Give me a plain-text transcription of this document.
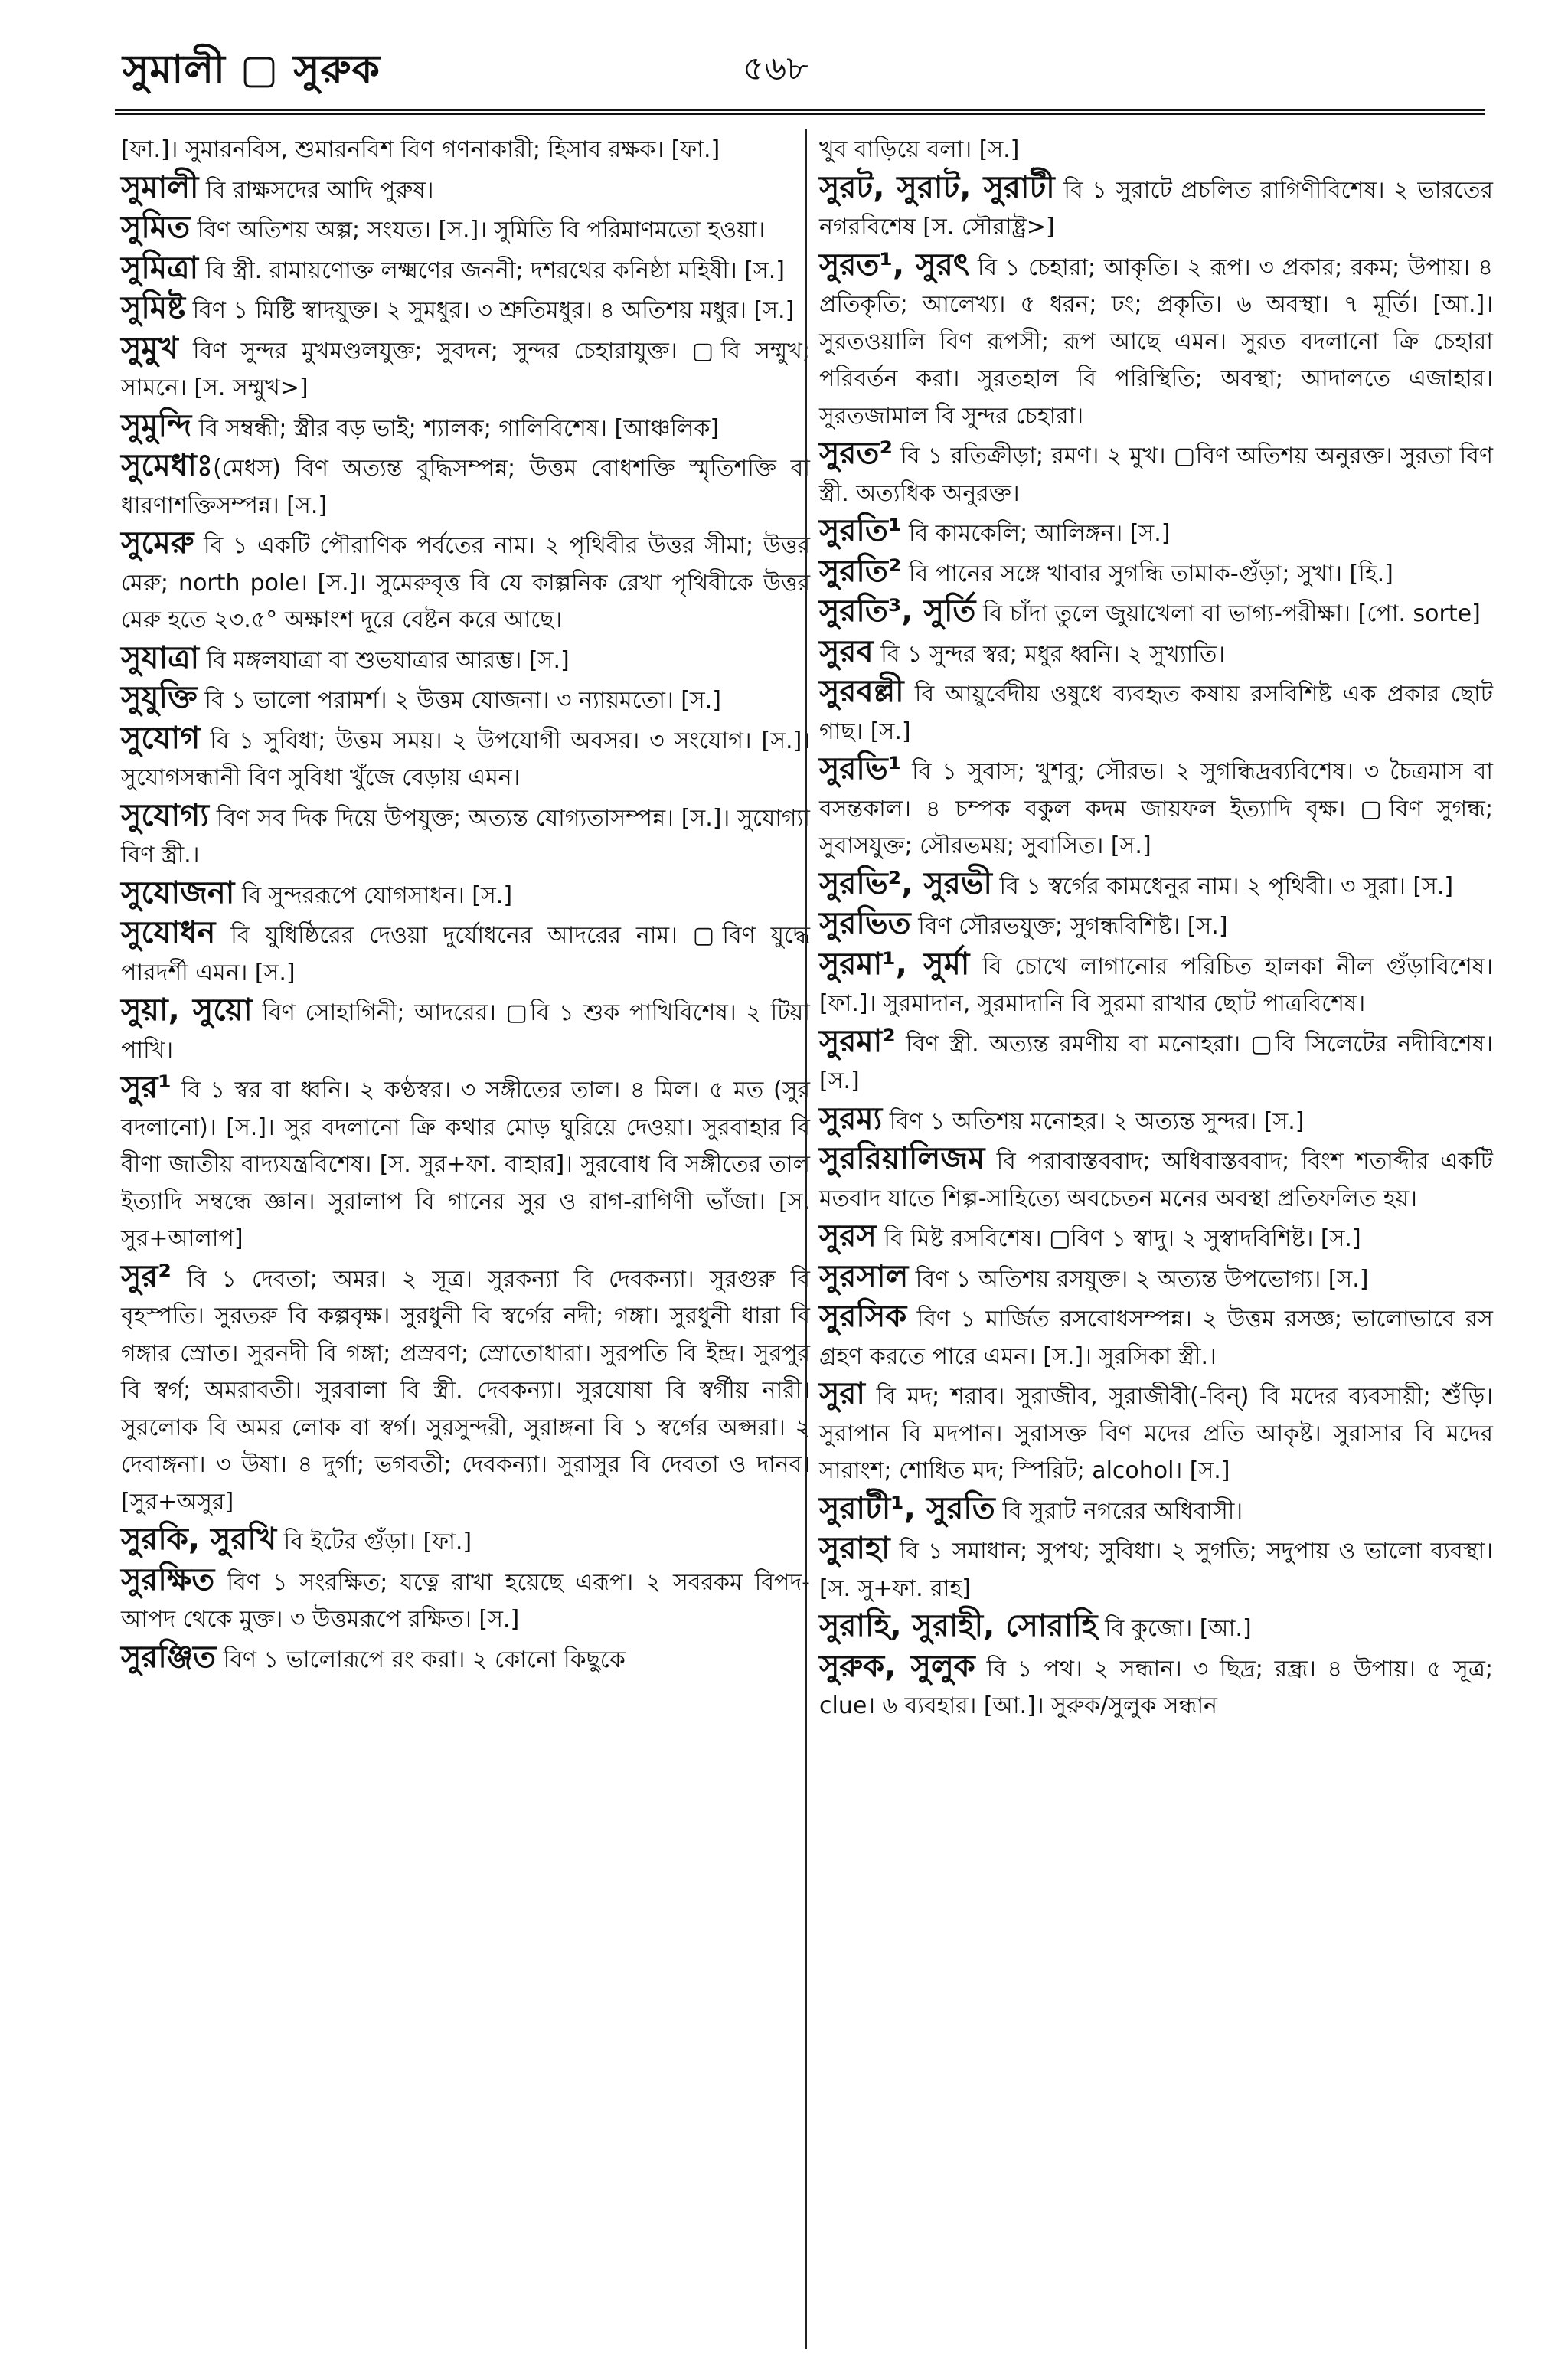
সুমালী ▢ সুরুক	৫৬৮

[ফা.]। সুমারনবিস, শুমারনবিশ বিণ গণনাকারী; হিসাব রক্ষক। [ফা.]

সুমালী বি রাক্ষসদের আদি পুরুষ।

সুমিত বিণ অতিশয় অল্প; সংযত। [স.]। সুমিতি বি পরিমাণমতো হওয়া।

সুমিত্রা বি স্ত্রী. রামায়ণোক্ত লক্ষ্মণের জননী; দশরথের কনিষ্ঠা মহিষী। [স.]

সুমিষ্ট বিণ ১ মিষ্টি স্বাদযুক্ত। ২ সুমধুর। ৩ শ্রুতিমধুর। ৪ অতিশয় মধুর। [স.]

সুমুখ বিণ সুন্দর মুখমণ্ডলযুক্ত; সুবদন; সুন্দর চেহারাযুক্ত। ▢বি সম্মুখ; সামনে। [স. সম্মুখ>]

সুমুন্দি বি সম্বন্ধী; স্ত্রীর বড় ভাই; শ্যালক; গালিবিশেষ। [আঞ্চলিক]

সুমেধাঃ(মেধস) বিণ অত্যন্ত বুদ্ধিসম্পন্ন; উত্তম বোধশক্তি স্মৃতিশক্তি বা ধারণাশক্তিসম্পন্ন। [স.]

সুমেরু বি ১ একটি পৌরাণিক পর্বতের নাম। ২ পৃথিবীর উত্তর সীমা; উত্তর মেরু; north pole। [স.]। সুমেরুবৃত্ত বি যে কাল্পনিক রেখা পৃথিবীকে উত্তর মেরু হতে ২৩.৫° অক্ষাংশ দূরে বেষ্টন করে আছে।

সুযাত্রা বি মঙ্গলযাত্রা বা শুভযাত্রার আরম্ভ। [স.]

সুযুক্তি বি ১ ভালো পরামর্শ। ২ উত্তম যোজনা। ৩ ন্যায়মতো। [স.]

সুযোগ বি ১ সুবিধা; উত্তম সময়। ২ উপযোগী অবসর। ৩ সংযোগ। [স.]। সুযোগসন্ধানী বিণ সুবিধা খুঁজে বেড়ায় এমন।

সুযোগ্য বিণ সব দিক দিয়ে উপযুক্ত; অত্যন্ত যোগ্যতাসম্পন্ন। [স.]। সুযোগ্যা বিণ স্ত্রী.।

সুযোজনা বি সুন্দররূপে যোগসাধন। [স.]

সুযোধন বি যুধিষ্ঠিরের দেওয়া দুর্যোধনের আদরের নাম। ▢বিণ যুদ্ধে পারদর্শী এমন। [স.]

সুয়া, সুয়ো বিণ সোহাগিনী; আদরের। ▢বি ১ শুক পাখিবিশেষ। ২ টিয়া পাখি।

সুর¹ বি ১ স্বর বা ধ্বনি। ২ কণ্ঠস্বর। ৩ সঙ্গীতের তাল। ৪ মিল। ৫ মত (সুর বদলানো)। [স.]। সুর বদলানো ক্রি কথার মোড় ঘুরিয়ে দেওয়া। সুরবাহার বি বীণা জাতীয় বাদ্যযন্ত্রবিশেষ। [স. সুর+ফা. বাহার]। সুরবোধ বি সঙ্গীতের তাল ইত্যাদি সম্বন্ধে জ্ঞান। সুরালাপ বি গানের সুর ও রাগ-রাগিণী ভাঁজা। [স. সুর+আলাপ]

সুর² বি ১ দেবতা; অমর। ২ সূত্র। সুরকন্যা বি দেবকন্যা। সুরগুরু বি বৃহস্পতি। সুরতরু বি কল্পবৃক্ষ। সুরধুনী বি স্বর্গের নদী; গঙ্গা। সুরধুনী ধারা বি গঙ্গার স্রোত। সুরনদী বি গঙ্গা; প্রস্রবণ; স্রোতোধারা। সুরপতি বি ইন্দ্র। সুরপুর বি স্বর্গ; অমরাবতী। সুরবালা বি স্ত্রী. দেবকন্যা। সুরযোষা বি স্বর্গীয় নারী। সুরলোক বি অমর লোক বা স্বর্গ। সুরসুন্দরী, সুরাঙ্গনা বি ১ স্বর্গের অপ্সরা। ২ দেবাঙ্গনা। ৩ উষা। ৪ দুর্গা; ভগবতী; দেবকন্যা। সুরাসুর বি দেবতা ও দানব। [সুর+অসুর]

সুরকি, সুরখি বি ইটের গুঁড়া। [ফা.]

সুরক্ষিত বিণ ১ সংরক্ষিত; যত্নে রাখা হয়েছে এরূপ। ২ সবরকম বিপদ-আপদ থেকে মুক্ত। ৩ উত্তমরূপে রক্ষিত। [স.]

সুরঞ্জিত বিণ ১ ভালোরূপে রং করা। ২ কোনো কিছুকে

খুব বাড়িয়ে বলা। [স.]

সুরট, সুরাট, সুরাটী বি ১ সুরাটে প্রচলিত রাগিণীবিশেষ। ২ ভারতের নগরবিশেষ [স. সৌরাষ্ট্র>]

সুরত¹, সুরৎ বি ১ চেহারা; আকৃতি। ২ রূপ। ৩ প্রকার; রকম; উপায়। ৪ প্রতিকৃতি; আলেখ্য। ৫ ধরন; ঢং; প্রকৃতি। ৬ অবস্থা। ৭ মূর্তি। [আ.]। সুরতওয়ালি বিণ রূপসী; রূপ আছে এমন। সুরত বদলানো ক্রি চেহারা পরিবর্তন করা। সুরতহাল বি পরিস্থিতি; অবস্থা; আদালতে এজাহার। সুরতজামাল বি সুন্দর চেহারা।

সুরত² বি ১ রতিক্রীড়া; রমণ। ২ মুখ। ▢বিণ অতিশয় অনুরক্ত। সুরতা বিণ স্ত্রী. অত্যধিক অনুরক্ত।

সুরতি¹ বি কামকেলি; আলিঙ্গন। [স.]

সুরতি² বি পানের সঙ্গে খাবার সুগন্ধি তামাক-গুঁড়া; সুখা। [হি.]

সুরতি³, সুর্তি বি চাঁদা তুলে জুয়াখেলা বা ভাগ্য-পরীক্ষা। [পো. sorte]

সুরব বি ১ সুন্দর স্বর; মধুর ধ্বনি। ২ সুখ্যাতি।

সুরবল্লী বি আয়ুর্বেদীয় ওষুধে ব্যবহৃত কষায় রসবিশিষ্ট এক প্রকার ছোট গাছ। [স.]

সুরভি¹ বি ১ সুবাস; খুশবু; সৌরভ। ২ সুগন্ধিদ্রব্যবিশেষ। ৩ চৈত্রমাস বা বসন্তকাল। ৪ চম্পক বকুল কদম জায়ফল ইত্যাদি বৃক্ষ। ▢বিণ সুগন্ধ; সুবাসযুক্ত; সৌরভময়; সুবাসিত। [স.]

সুরভি², সুরভী বি ১ স্বর্গের কামধেনুর নাম। ২ পৃথিবী। ৩ সুরা। [স.]

সুরভিত বিণ সৌরভযুক্ত; সুগন্ধবিশিষ্ট। [স.]

সুরমা¹, সুর্মা বি চোখে লাগানোর পরিচিত হালকা নীল গুঁড়াবিশেষ। [ফা.]। সুরমাদান, সুরমাদানি বি সুরমা রাখার ছোট পাত্রবিশেষ।

সুরমা² বিণ স্ত্রী. অত্যন্ত রমণীয় বা মনোহরা। ▢বি সিলেটের নদীবিশেষ। [স.]

সুরম্য বিণ ১ অতিশয় মনোহর। ২ অত্যন্ত সুন্দর। [স.]

সুররিয়ালিজম বি পরাবাস্তববাদ; অধিবাস্তববাদ; বিংশ শতাব্দীর একটি মতবাদ যাতে শিল্প-সাহিত্যে অবচেতন মনের অবস্থা প্রতিফলিত হয়।

সুরস বি মিষ্ট রসবিশেষ। ▢বিণ ১ স্বাদু। ২ সুস্বাদবিশিষ্ট। [স.]

সুরসাল বিণ ১ অতিশয় রসযুক্ত। ২ অত্যন্ত উপভোগ্য। [স.]

সুরসিক বিণ ১ মার্জিত রসবোধসম্পন্ন। ২ উত্তম রসজ্ঞ; ভালোভাবে রস গ্রহণ করতে পারে এমন। [স.]। সুরসিকা স্ত্রী.।

সুরা বি মদ; শরাব। সুরাজীব, সুরাজীবী(-বিন্) বি মদের ব্যবসায়ী; শুঁড়ি। সুরাপান বি মদপান। সুরাসক্ত বিণ মদের প্রতি আকৃষ্ট। সুরাসার বি মদের সারাংশ; শোধিত মদ; স্পিরিট; alcohol। [স.]

সুরাটী¹, সুরতি বি সুরাট নগরের অধিবাসী।

সুরাহা বি ১ সমাধান; সুপথ; সুবিধা। ২ সুগতি; সদুপায় ও ভালো ব্যবস্থা। [স. সু+ফা. রাহ]

সুরাহি, সুরাহী, সোরাহি বি কুজো। [আ.]

সুরুক, সুলুক বি ১ পথ। ২ সন্ধান। ৩ ছিদ্র; রন্ধ্র। ৪ উপায়। ৫ সূত্র; clue। ৬ ব্যবহার। [আ.]। সুরুক/সুলুক সন্ধান
